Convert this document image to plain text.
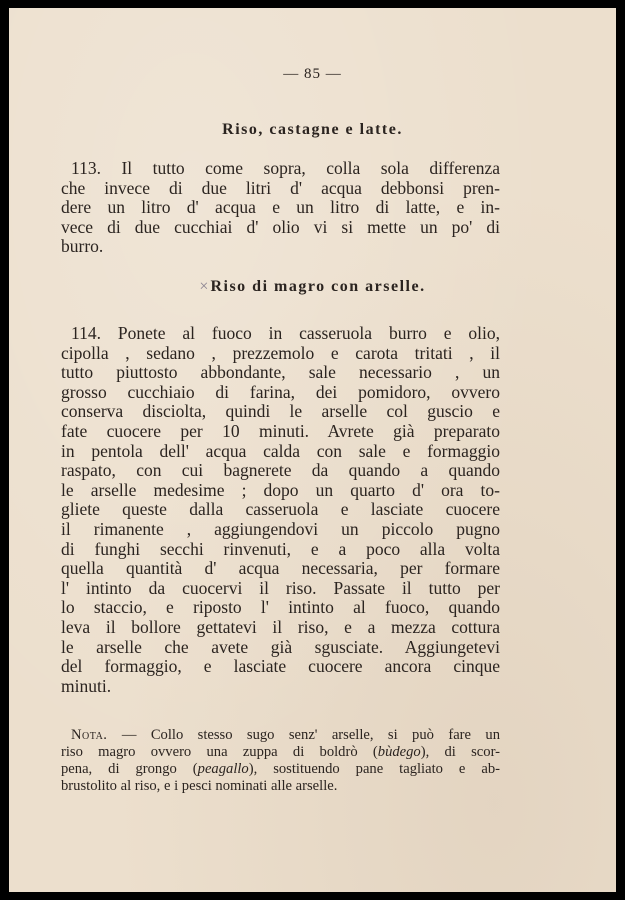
— 85 —
Riso, castagne e latte.
113. Il tutto come sopra, colla sola differenza
che invece di due litri d' acqua debbonsi pren-
dere un litro d' acqua e un litro di latte, e in-
vece di due cucchiai d' olio vi si mette un po' di
burro.
× Riso di magro con arselle.
114. Ponete al fuoco in casseruola burro e olio,
cipolla , sedano , prezzemolo e carota tritati , il
tutto piuttosto abbondante, sale necessario , un
grosso cucchiaio di farina, dei pomidoro, ovvero
conserva disciolta, quindi le arselle col guscio e
fate cuocere per 10 minuti. Avrete già preparato
in pentola dell' acqua calda con sale e formaggio
raspato, con cui bagnerete da quando a quando
le arselle medesime ; dopo un quarto d' ora to-
gliete queste dalla casseruola e lasciate cuocere
il rimanente , aggiungendovi un piccolo pugno
di funghi secchi rinvenuti, e a poco alla volta
quella quantità d' acqua necessaria, per formare
l' intinto da cuocervi il riso. Passate il tutto per
lo staccio, e riposto l' intinto al fuoco, quando
leva il bollore gettatevi il riso, e a mezza cottura
le arselle che avete già sgusciate. Aggiungetevi
del formaggio, e lasciate cuocere ancora cinque
minuti.
Nota. — Collo stesso sugo senz' arselle, si può fare un
riso magro ovvero una zuppa di boldrò (bùdego), di scor-
pena, di grongo (peagallo), sostituendo pane tagliato e ab-
brustolito al riso, e i pesci nominati alle arselle.
